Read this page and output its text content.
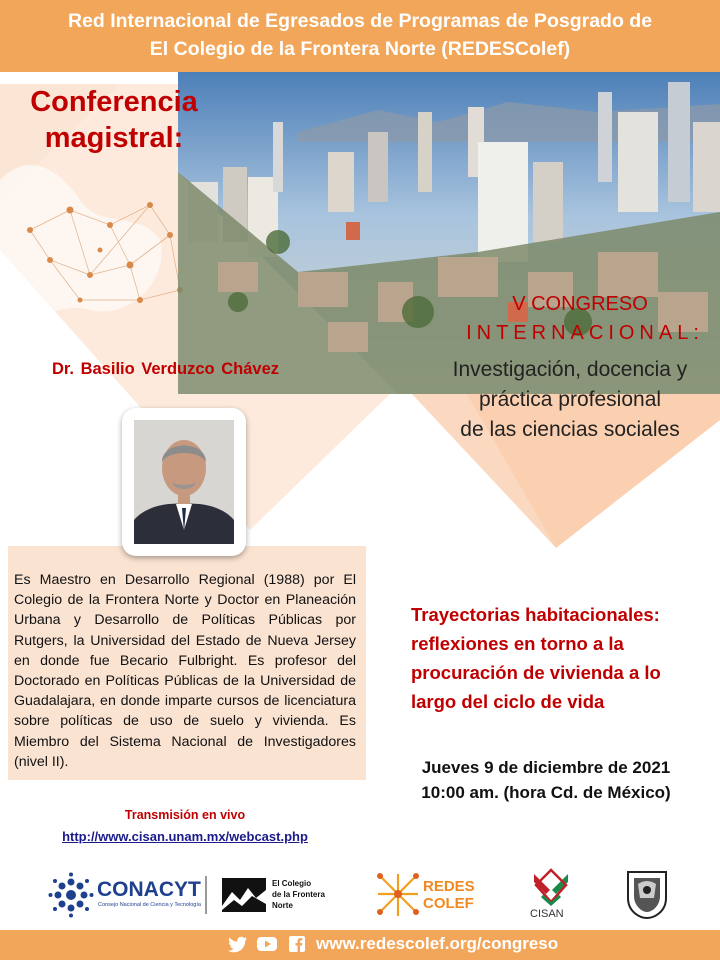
Red Internacional de Egresados de Programas de Posgrado de
El Colegio de la Frontera Norte (REDESColef)
Conferencia
magistral:
Dr. Basilio Verduzco Chávez
V CONGRESO
INTERNACIONAL:
Investigación, docencia y
práctica profesional
de las ciencias sociales
Es Maestro en Desarrollo Regional (1988) por El Colegio de la Frontera Norte y Doctor en Planeación Urbana y Desarrollo de Políticas Públicas por Rutgers, la Universidad del Estado de Nueva Jersey en donde fue Becario Fulbright. Es profesor del Doctorado en Políticas Públicas de la Universidad de Guadalajara, en donde imparte cursos de licenciatura sobre políticas de uso de suelo y vivienda. Es Miembro del Sistema Nacional de Investigadores (nivel II).
Trayectorias habitacionales:
reflexiones en torno a la
procuración de vivienda a lo
largo del ciclo de vida
Jueves 9 de diciembre de 2021
10:00 am. (hora Cd. de México)
Transmisión en vivo
http://www.cisan.unam.mx/webcast.php
CONACYT
Consejo Nacional de Ciencia y Tecnología
El Colegio
de la Frontera
Norte
REDES
COLEF
CISAN
www.redescolef.org/congreso
